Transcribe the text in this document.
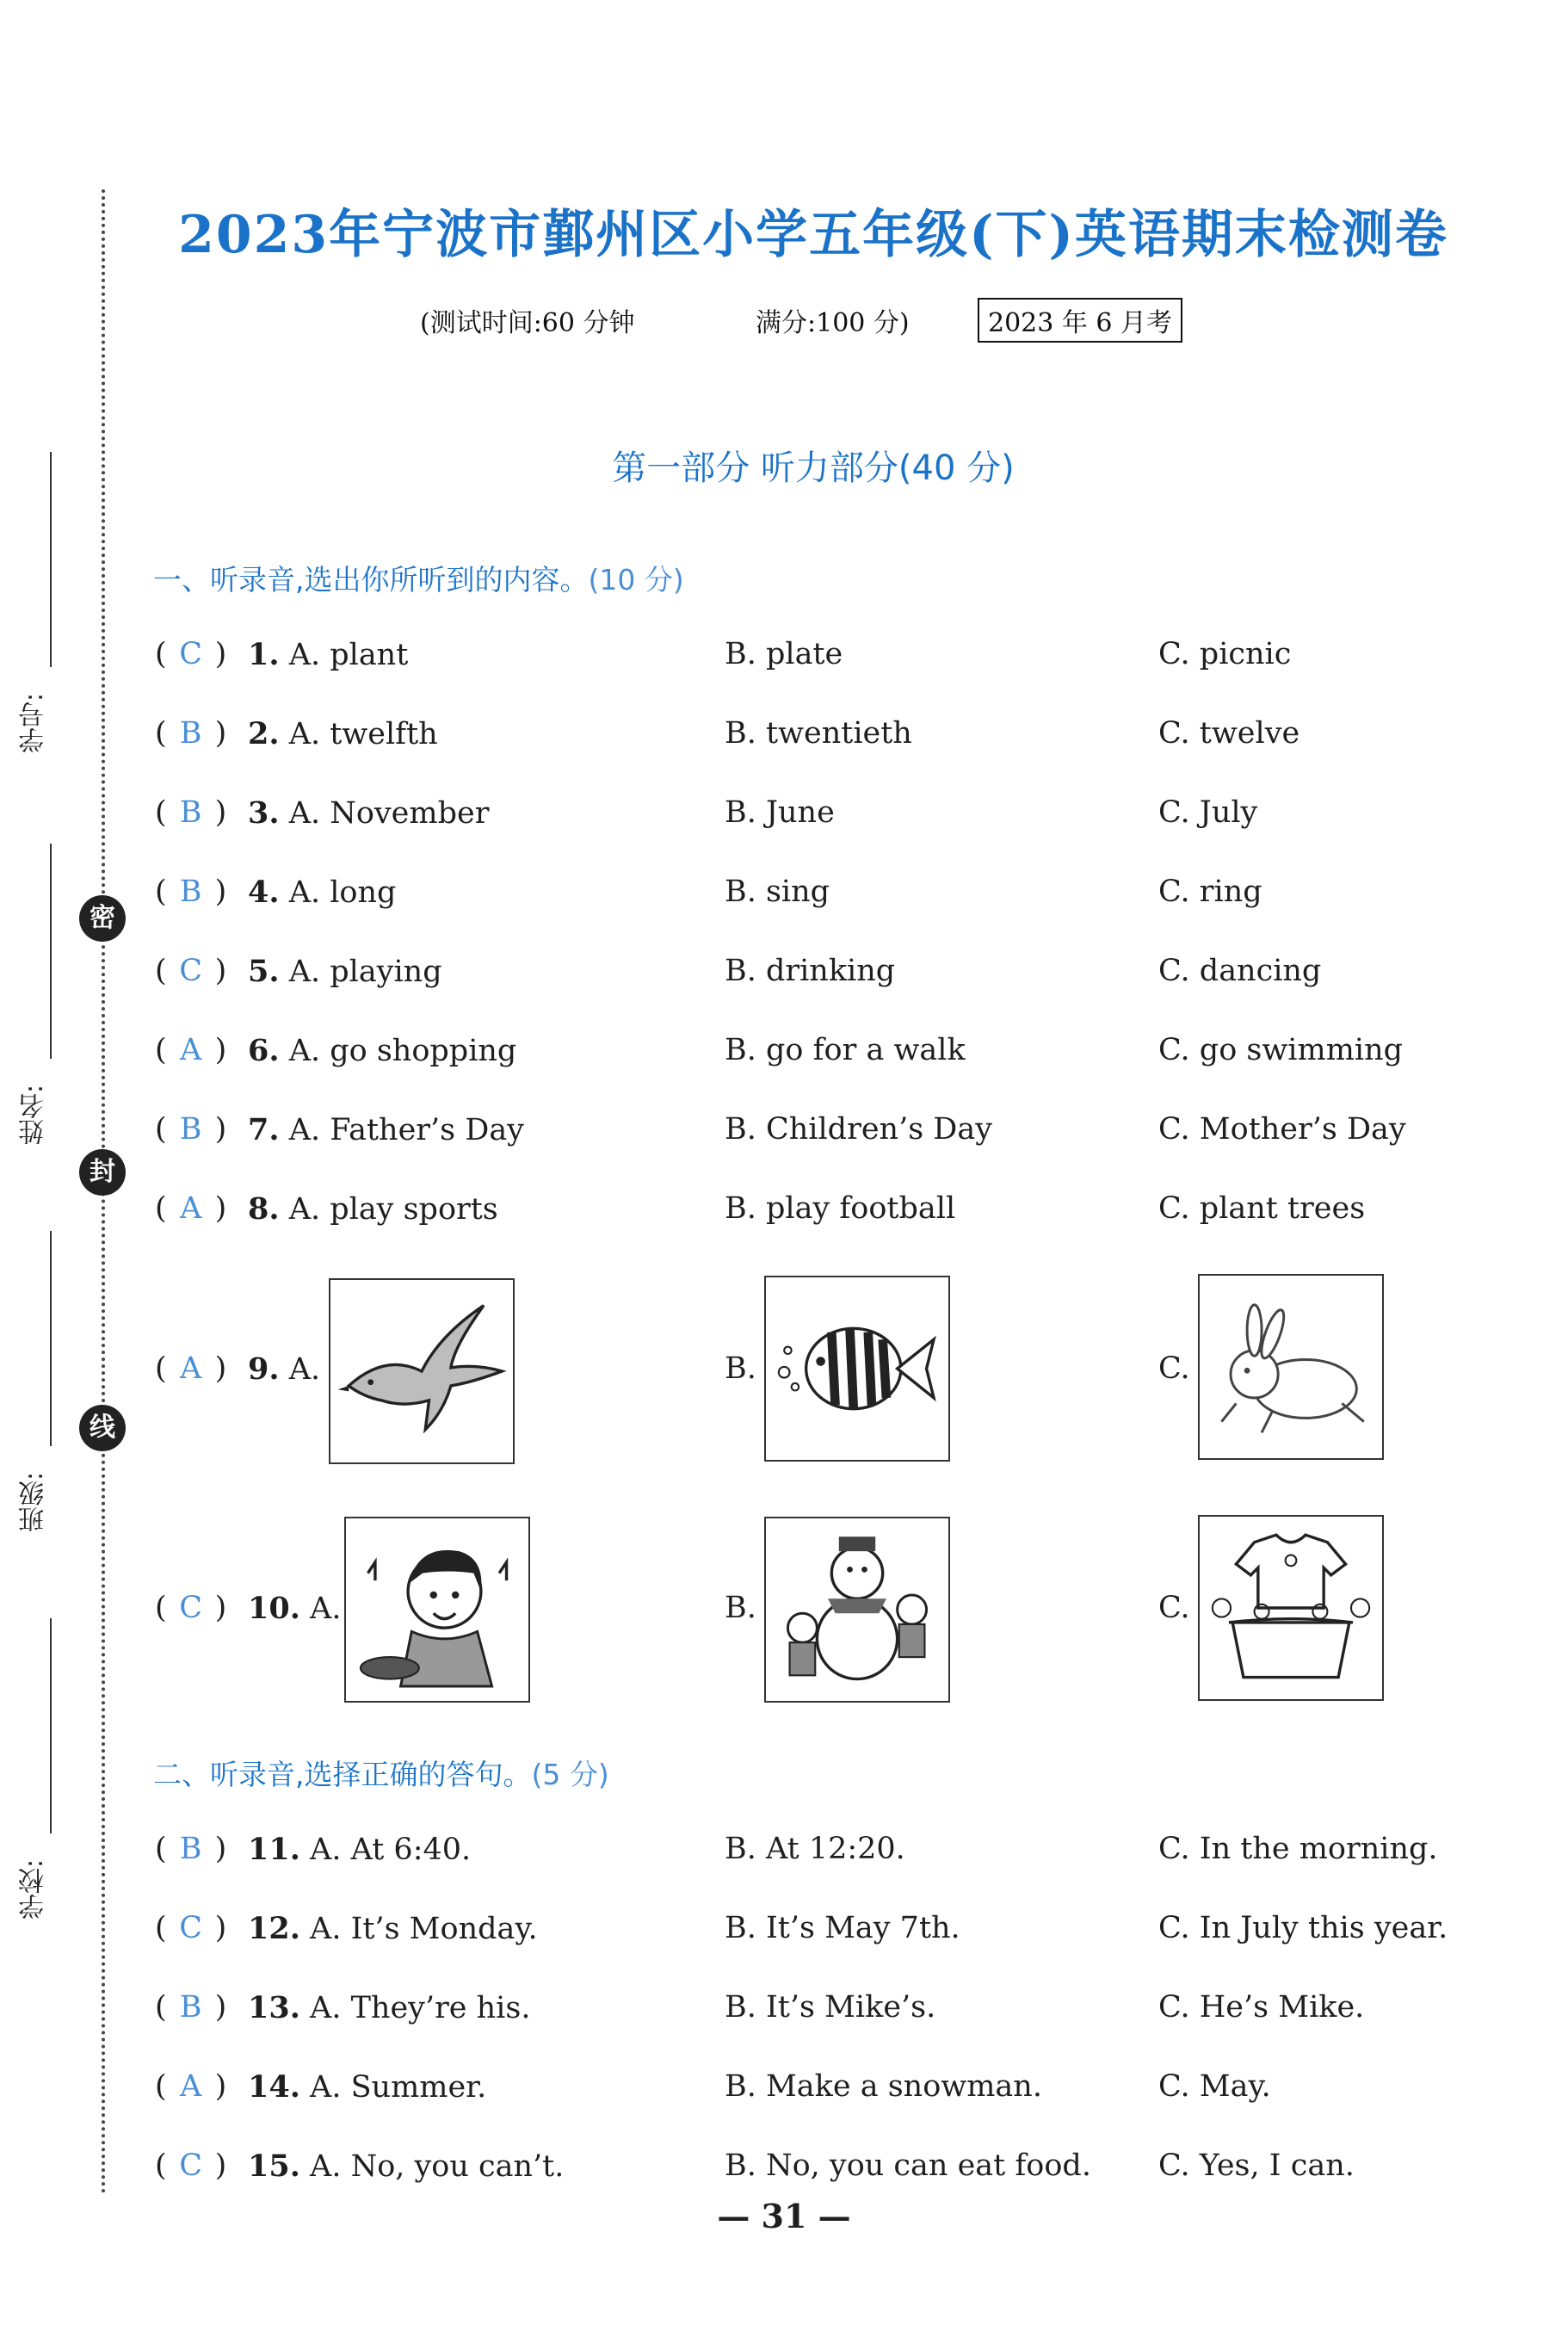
密
封
线
学号:
姓名:
班级:
学校:
2023年宁波市鄞州区小学五年级(下)英语期末检测卷
(测试时间:60 分钟	满分:100 分)	2023 年 6 月考
第一部分 听力部分(40 分)
一、听录音,选出你所听到的内容。(10 分)
( C ) 1. A. plant	B. plate	C. picnic
( B ) 2. A. twelfth	B. twentieth	C. twelve
( B ) 3. A. November	B. June	C. July
( B ) 4. A. long	B. sing	C. ring
( C ) 5. A. playing	B. drinking	C. dancing
( A ) 6. A. go shopping	B. go for a walk	C. go swimming
( B ) 7. A. Father’s Day	B. Children’s Day	C. Mother’s Day
( A ) 8. A. play sports	B. play football	C. plant trees
( A ) 9. A.	B.	C.
( C ) 10. A.	B.	C.
二、听录音,选择正确的答句。(5 分)
( B ) 11. A. At 6:40.	B. At 12:20.	C. In the morning.
( C ) 12. A. It’s Monday.	B. It’s May 7th.	C. In July this year.
( B ) 13. A. They’re his.	B. It’s Mike’s.	C. He’s Mike.
( A ) 14. A. Summer.	B. Make a snowman.	C. May.
( C ) 15. A. No, you can’t.	B. No, you can eat food. C. Yes, I can.
— 31 —
